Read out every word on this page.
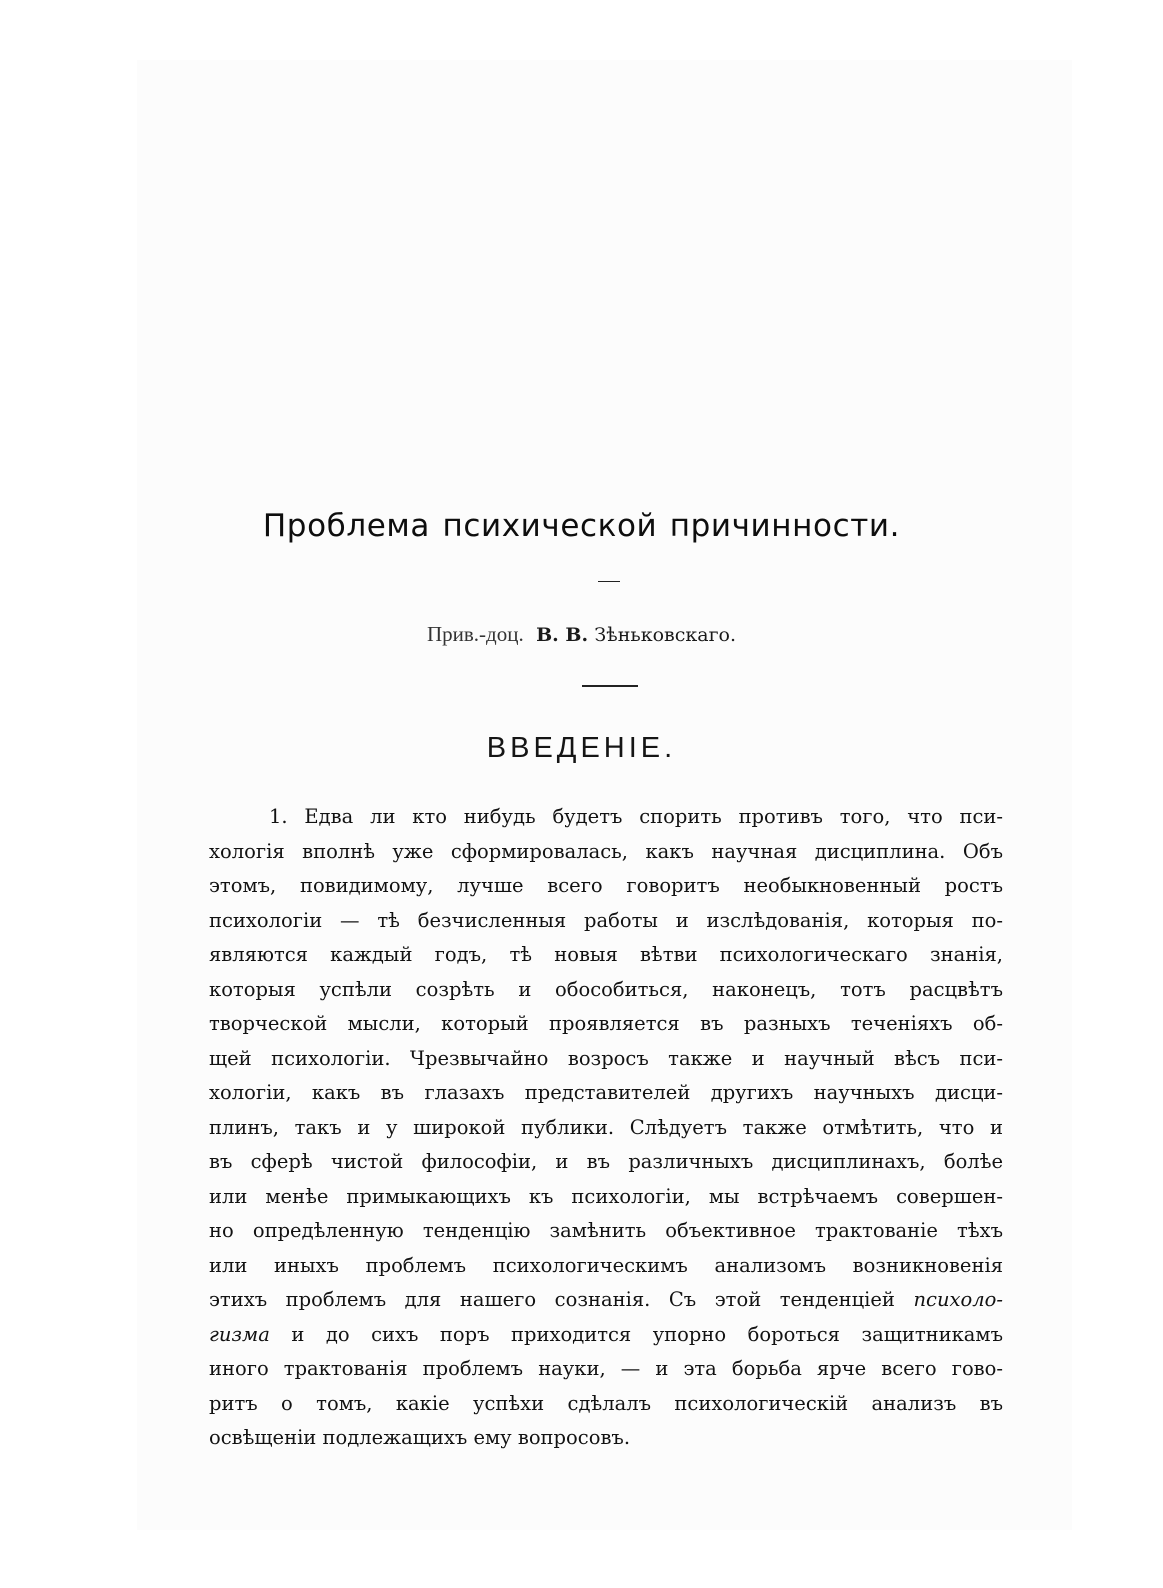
Проблема психической причинности.
Прив.-доц. В. В. Зѣньковскаго.
ВВЕДЕНIЕ.
1. Едва ли кто нибудь будетъ спорить противъ того, что пси-
хологія вполнѣ уже сформировалась, какъ научная дисциплина. Объ
этомъ, повидимому, лучше всего говоритъ необыкновенный ростъ
психологіи — тѣ безчисленныя работы и изслѣдованія, которыя по-
являются каждый годъ, тѣ новыя вѣтви психологическаго знанія,
которыя успѣли созрѣть и обособиться, наконецъ, тотъ расцвѣтъ
творческой мысли, который проявляется въ разныхъ теченіяхъ об-
щей психологіи. Чрезвычайно возросъ также и научный вѣсъ пси-
хологіи, какъ въ глазахъ представителей другихъ научныхъ дисци-
плинъ, такъ и у широкой публики. Слѣдуетъ также отмѣтить, что и
въ сферѣ чистой философіи, и въ различныхъ дисциплинахъ, болѣе
или менѣе примыкающихъ къ психологіи, мы встрѣчаемъ совершен-
но опредѣленную тенденцію замѣнить объективное трактованіе тѣхъ
или иныхъ проблемъ психологическимъ анализомъ возникновенія
этихъ проблемъ для нашего сознанія. Съ этой тенденціей психоло-
гизма и до сихъ поръ приходится упорно бороться защитникамъ
иного трактованія проблемъ науки, — и эта борьба ярче всего гово-
ритъ о томъ, какіе успѣхи сдѣлалъ психологическій анализъ въ
освѣщеніи подлежащихъ ему вопросовъ.
